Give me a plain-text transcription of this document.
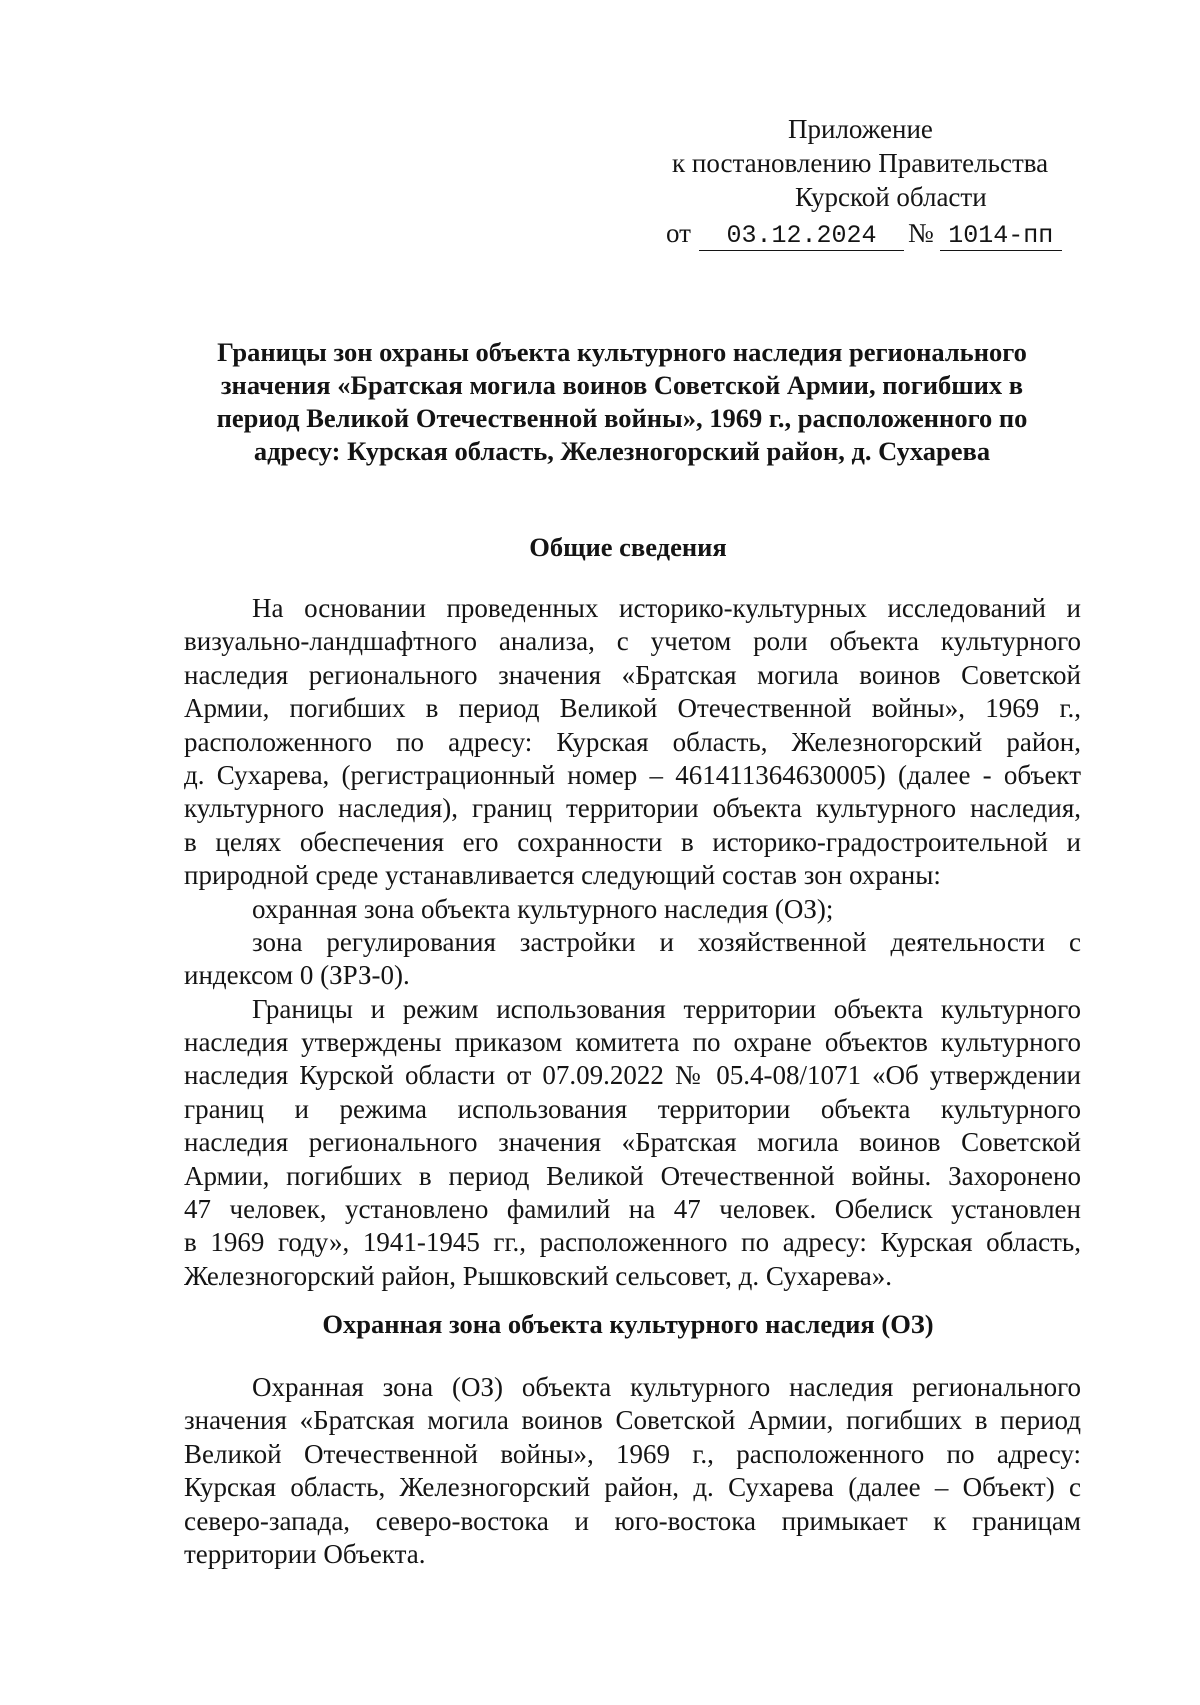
Приложение
к постановлению Правительства
Курской области
от 03.12.2024 № 1014-пп
Границы зон охраны объекта культурного наследия регионального
значения «Братская могила воинов Советской Армии, погибших в
период Великой Отечественной войны», 1969 г., расположенного по
адресу: Курская область, Железногорский район, д. Сухарева
Общие сведения
На основании проведенных историко-культурных исследований и
визуально-ландшафтного анализа, с учетом роли объекта культурного
наследия регионального значения «Братская могила воинов Советской
Армии, погибших в период Великой Отечественной войны», 1969 г.,
расположенного по адресу: Курская область, Железногорский район,
д. Сухарева, (регистрационный номер – 461411364630005) (далее - объект
культурного наследия), границ территории объекта культурного наследия,
в целях обеспечения его сохранности в историко-градостроительной и
природной среде устанавливается следующий состав зон охраны:
охранная зона объекта культурного наследия (ОЗ);
зона регулирования застройки и хозяйственной деятельности с
индексом 0 (ЗРЗ-0).
Границы и режим использования территории объекта культурного
наследия утверждены приказом комитета по охране объектов культурного
наследия Курской области от 07.09.2022 № 05.4-08/1071 «Об утверждении
границ и режима использования территории объекта культурного
наследия регионального значения «Братская могила воинов Советской
Армии, погибших в период Великой Отечественной войны. Захоронено
47 человек, установлено фамилий на 47 человек. Обелиск установлен
в 1969 году», 1941-1945 гг., расположенного по адресу: Курская область,
Железногорский район, Рышковский сельсовет, д. Сухарева».
Охранная зона объекта культурного наследия (ОЗ)
Охранная зона (ОЗ) объекта культурного наследия регионального
значения «Братская могила воинов Советской Армии, погибших в период
Великой Отечественной войны», 1969 г., расположенного по адресу:
Курская область, Железногорский район, д. Сухарева (далее – Объект) с
северо-запада, северо-востока и юго-востока примыкает к границам
территории Объекта.
